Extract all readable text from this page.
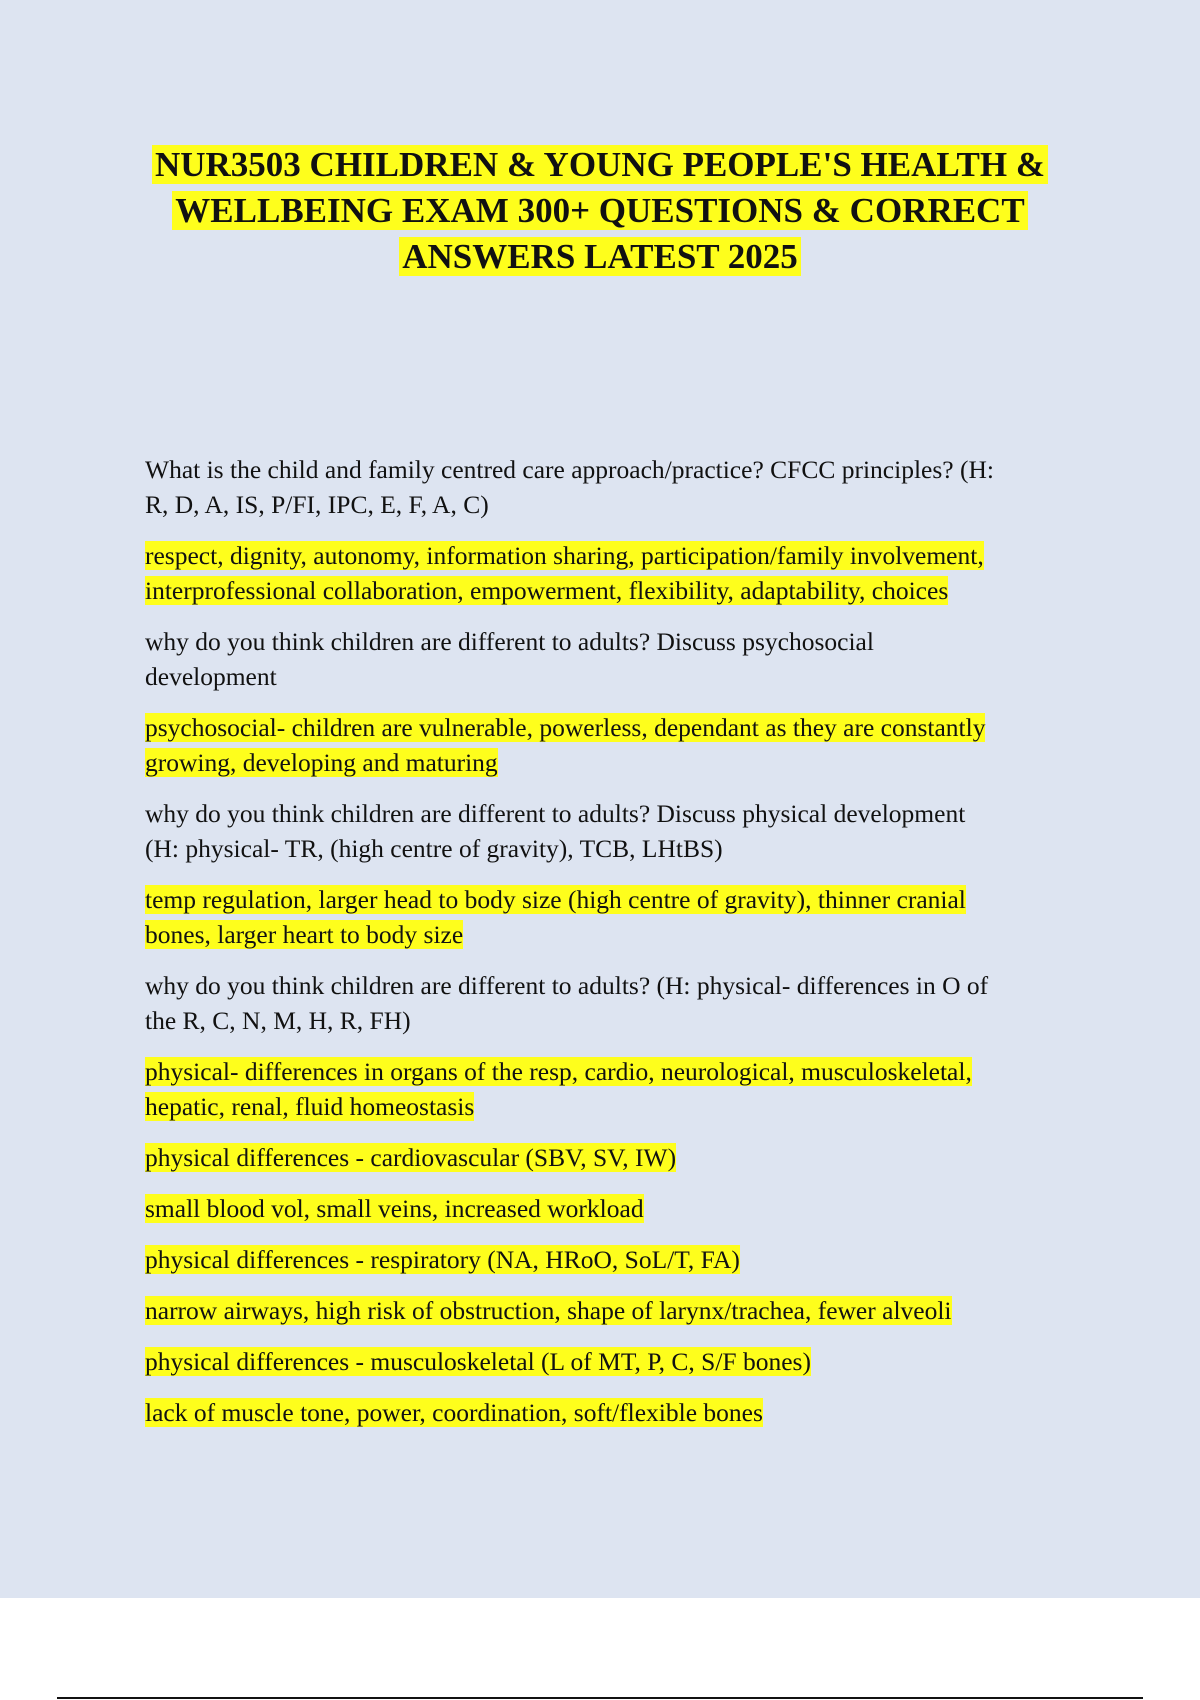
NUR3503 CHILDREN & YOUNG PEOPLE'S HEALTH &
WELLBEING EXAM 300+ QUESTIONS & CORRECT
ANSWERS LATEST 2025
What is the child and family centred care approach/practice? CFCC principles? (H:
R, D, A, IS, P/FI, IPC, E, F, A, C)
respect, dignity, autonomy, information sharing, participation/family involvement,
interprofessional collaboration, empowerment, flexibility, adaptability, choices
why do you think children are different to adults? Discuss psychosocial
development
psychosocial- children are vulnerable, powerless, dependant as they are constantly
growing, developing and maturing
why do you think children are different to adults? Discuss physical development
(H: physical- TR, (high centre of gravity), TCB, LHtBS)
temp regulation, larger head to body size (high centre of gravity), thinner cranial
bones, larger heart to body size
why do you think children are different to adults? (H: physical- differences in O of
the R, C, N, M, H, R, FH)
physical- differences in organs of the resp, cardio, neurological, musculoskeletal,
hepatic, renal, fluid homeostasis
physical differences - cardiovascular (SBV, SV, IW)
small blood vol, small veins, increased workload
physical differences - respiratory (NA, HRoO, SoL/T, FA)
narrow airways, high risk of obstruction, shape of larynx/trachea, fewer alveoli
physical differences - musculoskeletal (L of MT, P, C, S/F bones)
lack of muscle tone, power, coordination, soft/flexible bones
